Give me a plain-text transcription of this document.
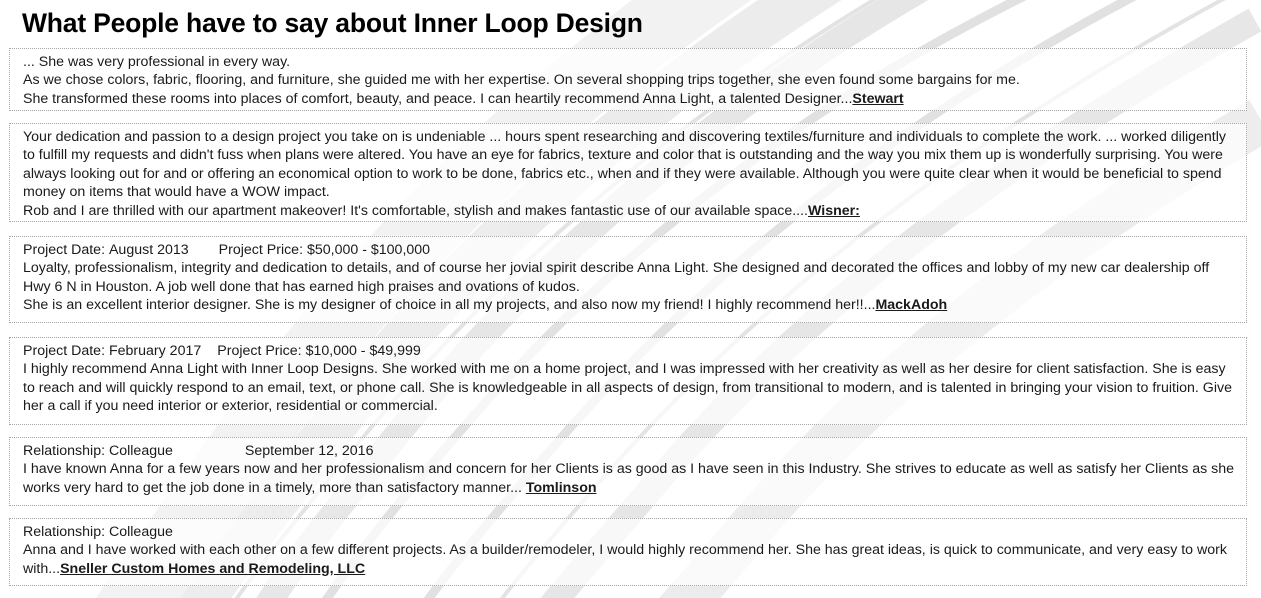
What People have to say about Inner Loop Design
... She was very professional in every way.
As we chose colors, fabric, flooring, and furniture, she guided me with her expertise. On several shopping trips together, she even found some bargains for me.
She transformed these rooms into places of comfort, beauty, and peace. I can heartily recommend Anna Light, a talented Designer...Stewart
Your dedication and passion to a design project you take on is undeniable ... hours spent researching and discovering textiles/furniture and individuals to complete the work. ... worked diligently to fulfill my requests and didn't fuss when plans were altered. You have an eye for fabrics, texture and color that is outstanding and the way you mix them up is wonderfully surprising. You were always looking out for and or offering an economical option to work to be done, fabrics etc., when and if they were available. Although you were quite clear when it would be beneficial to spend money on items that would have a WOW impact.
Rob and I are thrilled with our apartment makeover! It's comfortable, stylish and makes fantastic use of our available space....Wisner:
Project Date: August 2013 Project Price: $50,000 - $100,000
Loyalty, professionalism, integrity and dedication to details, and of course her jovial spirit describe Anna Light. She designed and decorated the offices and lobby of my new car dealership off Hwy 6 N in Houston. A job well done that has earned high praises and ovations of kudos.
She is an excellent interior designer. She is my designer of choice in all my projects, and also now my friend! I highly recommend her!!...MackAdoh
Project Date: February 2017 Project Price: $10,000 - $49,999
I highly recommend Anna Light with Inner Loop Designs. She worked with me on a home project, and I was impressed with her creativity as well as her desire for client satisfaction. She is easy to reach and will quickly respond to an email, text, or phone call. She is knowledgeable in all aspects of design, from transitional to modern, and is talented in bringing your vision to fruition. Give her a call if you need interior or exterior, residential or commercial.
Relationship: Colleague	September 12, 2016
I have known Anna for a few years now and her professionalism and concern for her Clients is as good as I have seen in this Industry. She strives to educate as well as satisfy her Clients as she works very hard to get the job done in a timely, more than satisfactory manner... Tomlinson
Relationship: Colleague
Anna and I have worked with each other on a few different projects. As a builder/remodeler, I would highly recommend her. She has great ideas, is quick to communicate, and very easy to work with...Sneller Custom Homes and Remodeling, LLC
